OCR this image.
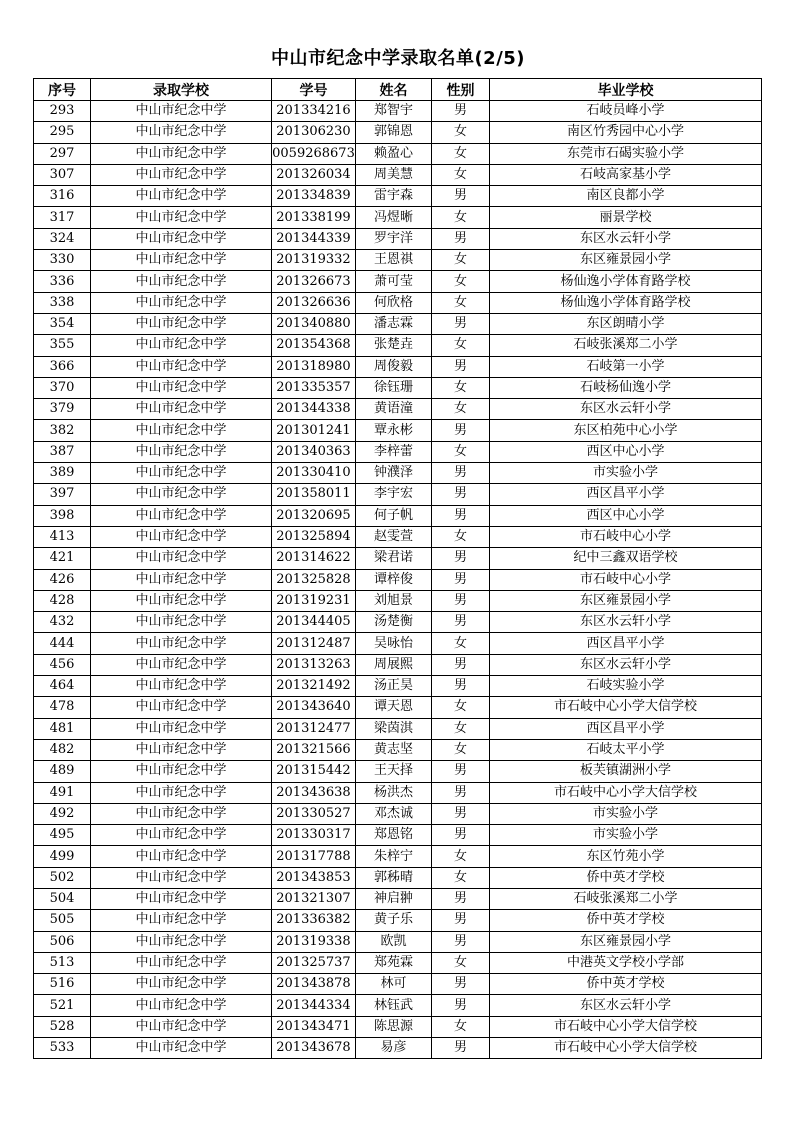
中山市纪念中学录取名单(2/5)
序号	录取学校	学号	姓名	性别	毕业学校
293	中山市纪念中学	201334216	郑智宇	男	石岐员峰小学
295	中山市纪念中学	201306230	郭锦恩	女	南区竹秀园中心小学
297	中山市纪念中学	0059268673	赖盈心	女	东莞市石碣实验小学
307	中山市纪念中学	201326034	周美慧	女	石岐高家基小学
316	中山市纪念中学	201334839	雷宇森	男	南区良都小学
317	中山市纪念中学	201338199	冯煜晰	女	丽景学校
324	中山市纪念中学	201344339	罗宇洋	男	东区水云轩小学
330	中山市纪念中学	201319332	王恩祺	女	东区雍景园小学
336	中山市纪念中学	201326673	萧可莹	女	杨仙逸小学体育路学校
338	中山市纪念中学	201326636	何欣格	女	杨仙逸小学体育路学校
354	中山市纪念中学	201340880	潘志霖	男	东区朗晴小学
355	中山市纪念中学	201354368	张楚垚	女	石岐张溪郑二小学
366	中山市纪念中学	201318980	周俊毅	男	石岐第一小学
370	中山市纪念中学	201335357	徐钰珊	女	石岐杨仙逸小学
379	中山市纪念中学	201344338	黄语潼	女	东区水云轩小学
382	中山市纪念中学	201301241	覃永彬	男	东区柏苑中心小学
387	中山市纪念中学	201340363	李梓蕾	女	西区中心小学
389	中山市纪念中学	201330410	钟濮泽	男	市实验小学
397	中山市纪念中学	201358011	李宇宏	男	西区昌平小学
398	中山市纪念中学	201320695	何子帆	男	西区中心小学
413	中山市纪念中学	201325894	赵雯萱	女	市石岐中心小学
421	中山市纪念中学	201314622	梁君诺	男	纪中三鑫双语学校
426	中山市纪念中学	201325828	谭梓俊	男	市石岐中心小学
428	中山市纪念中学	201319231	刘旭景	男	东区雍景园小学
432	中山市纪念中学	201344405	汤楚衡	男	东区水云轩小学
444	中山市纪念中学	201312487	吴咏怡	女	西区昌平小学
456	中山市纪念中学	201313263	周展熙	男	东区水云轩小学
464	中山市纪念中学	201321492	汤正昊	男	石岐实验小学
478	中山市纪念中学	201343640	谭天恩	女	市石岐中心小学大信学校
481	中山市纪念中学	201312477	梁茵淇	女	西区昌平小学
482	中山市纪念中学	201321566	黄志坚	女	石岐太平小学
489	中山市纪念中学	201315442	王天择	男	板芙镇湖洲小学
491	中山市纪念中学	201343638	杨洪杰	男	市石岐中心小学大信学校
492	中山市纪念中学	201330527	邓杰诚	男	市实验小学
495	中山市纪念中学	201330317	郑恩铭	男	市实验小学
499	中山市纪念中学	201317788	朱梓宁	女	东区竹苑小学
502	中山市纪念中学	201343853	郭秭晴	女	侨中英才学校
504	中山市纪念中学	201321307	神启翀	男	石岐张溪郑二小学
505	中山市纪念中学	201336382	黄子乐	男	侨中英才学校
506	中山市纪念中学	201319338	欧凯	男	东区雍景园小学
513	中山市纪念中学	201325737	郑苑霖	女	中港英文学校小学部
516	中山市纪念中学	201343878	林可	男	侨中英才学校
521	中山市纪念中学	201344334	林钰武	男	东区水云轩小学
528	中山市纪念中学	201343471	陈思源	女	市石岐中心小学大信学校
533	中山市纪念中学	201343678	易彦	男	市石岐中心小学大信学校
